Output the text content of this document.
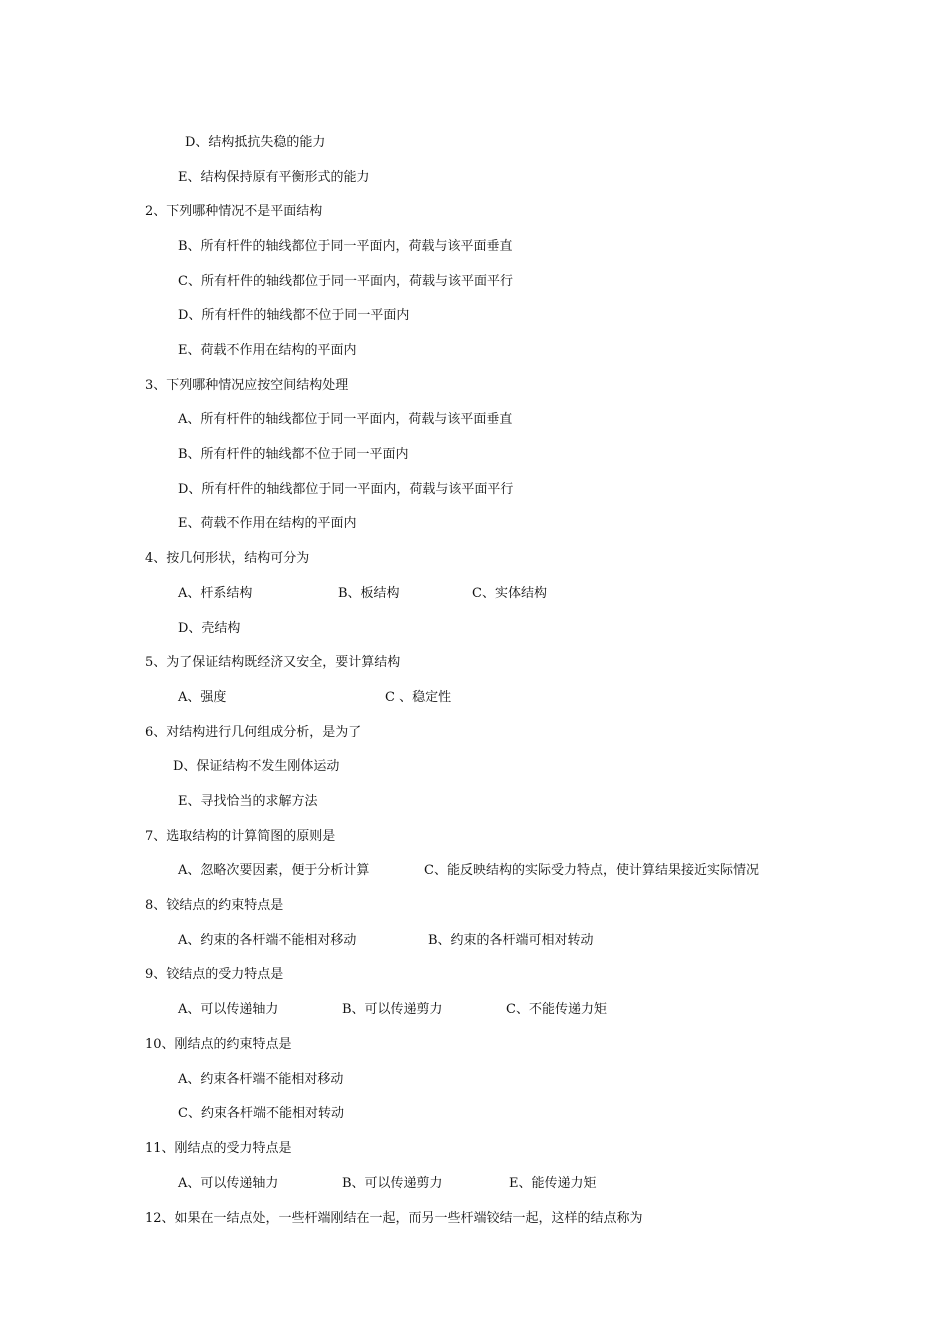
D、结构抵抗失稳的能力
E、结构保持原有平衡形式的能力
2、下列哪种情况不是平面结构
B、所有杆件的轴线都位于同一平面内，荷载与该平面垂直
C、所有杆件的轴线都位于同一平面内，荷载与该平面平行
D、所有杆件的轴线都不位于同一平面内
E、荷载不作用在结构的平面内
3、下列哪种情况应按空间结构处理
A、所有杆件的轴线都位于同一平面内，荷载与该平面垂直
B、所有杆件的轴线都不位于同一平面内
D、所有杆件的轴线都位于同一平面内，荷载与该平面平行
E、荷载不作用在结构的平面内
4、按几何形状，结构可分为
A、杆系结构	B、板结构	C、实体结构
D、壳结构
5、为了保证结构既经济又安全，要计算结构
A、强度	C 、稳定性
6、对结构进行几何组成分析，是为了
D、保证结构不发生刚体运动
E、寻找恰当的求解方法
7、选取结构的计算简图的原则是
A、忽略次要因素，便于分析计算	C、能反映结构的实际受力特点，使计算结果接近实际情况
8、铰结点的约束特点是
A、约束的各杆端不能相对移动	B、约束的各杆端可相对转动
9、铰结点的受力特点是
A、可以传递轴力	B、可以传递剪力	C、不能传递力矩
10、刚结点的约束特点是
A、约束各杆端不能相对移动
C、约束各杆端不能相对转动
11、刚结点的受力特点是
A、可以传递轴力	B、可以传递剪力	E、能传递力矩
12、如果在一结点处，一些杆端刚结在一起，而另一些杆端铰结一起，这样的结点称为
